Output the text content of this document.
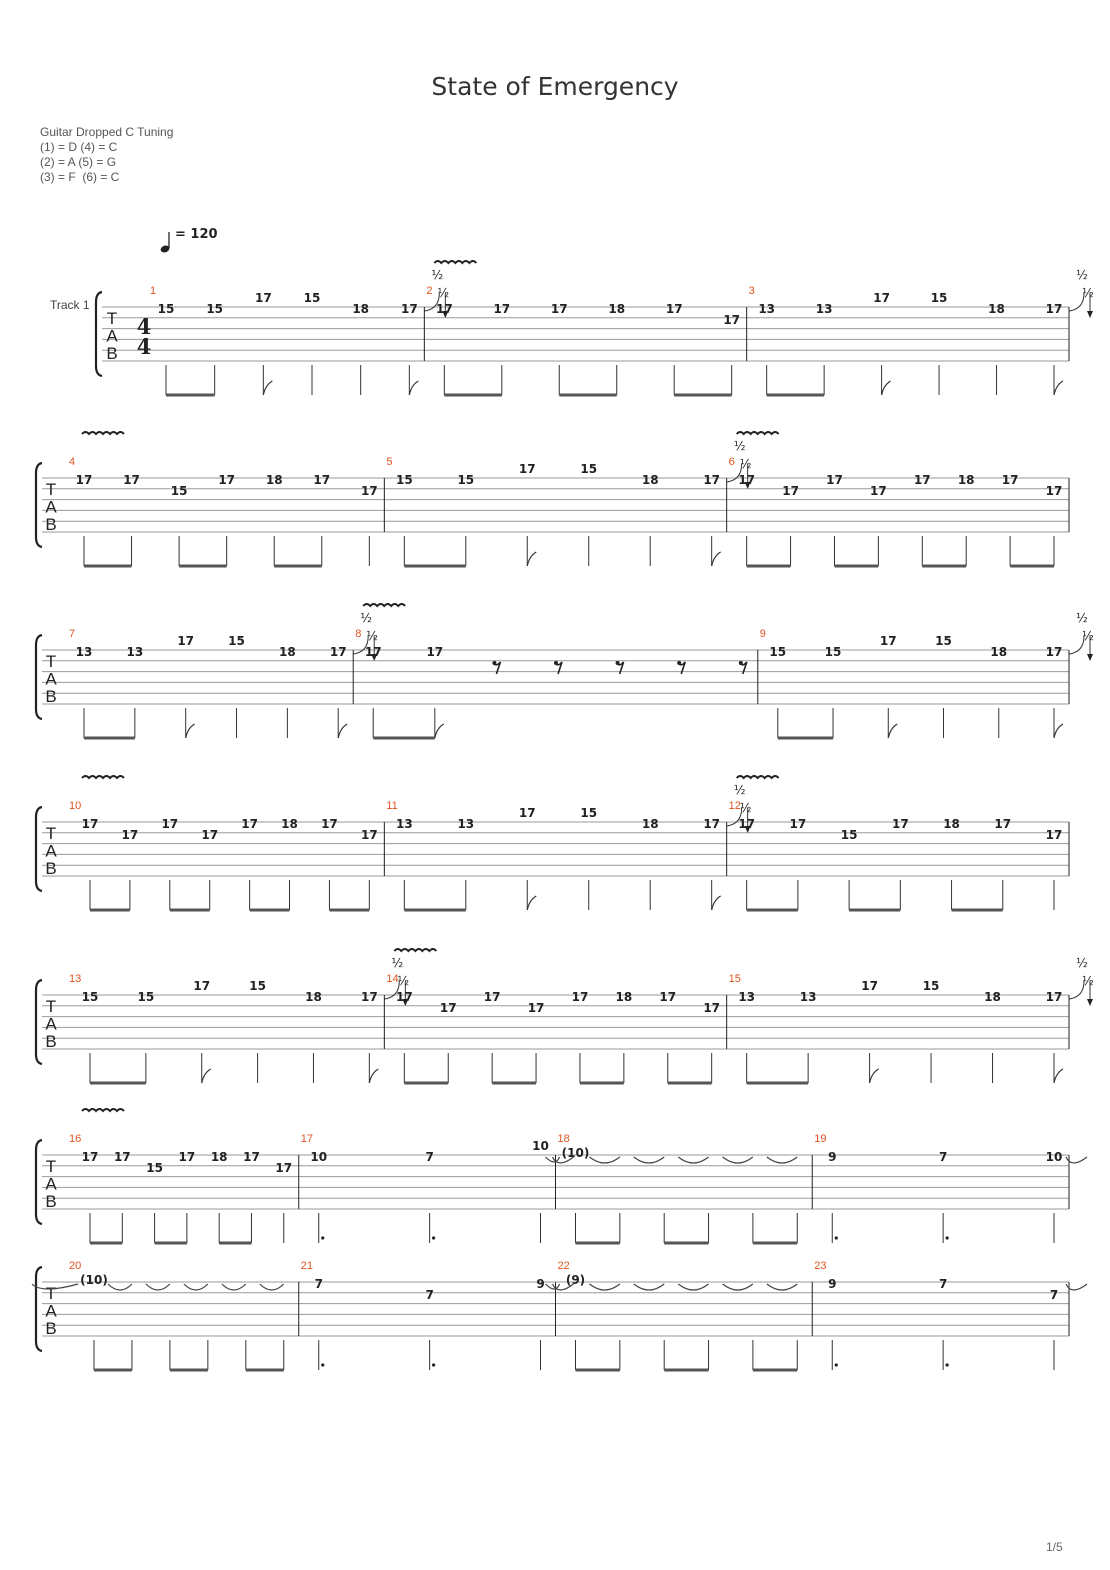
State of Emergency
Guitar Dropped C Tuning
(1) = D (4) = C
(2) = A (5) = G
(3) = F  (6) = C
= 120
Track 1
T
A
B
4
4
1
15	15
17	15
18	17
½
½
2
17	17	17	18	17
17
3
13	13
17	15
18	17
½
½
T
A
B
4
17	17
15
17	18	17
17
5
15	15
17	15
18	17
½
½
6
17
17
17
17
17 18 17
17
T
A
B
7
13	13
17	15
18	17
½
½
8
17	17
9
15	15
17	15
18	17
½
½
T
A
B
10
17
17
17
17
17 18 17
17
11
13	13
17	15
18	17
½
½
12
17	17
15
17	18	17
17
T
A
B
13
15	15
17	15
18	17
½
½
14
17
17
17
17
17 18 17
17
15
13	13
17	15
18	17
½
½
T
A
B
16
17 17
15
17 18 17
17
17
10	7
10 18
(10)
19
9	7	10
T
A
B
20
(10)
21
7
7
9
22
(9)
23
9	7
7
1/5
